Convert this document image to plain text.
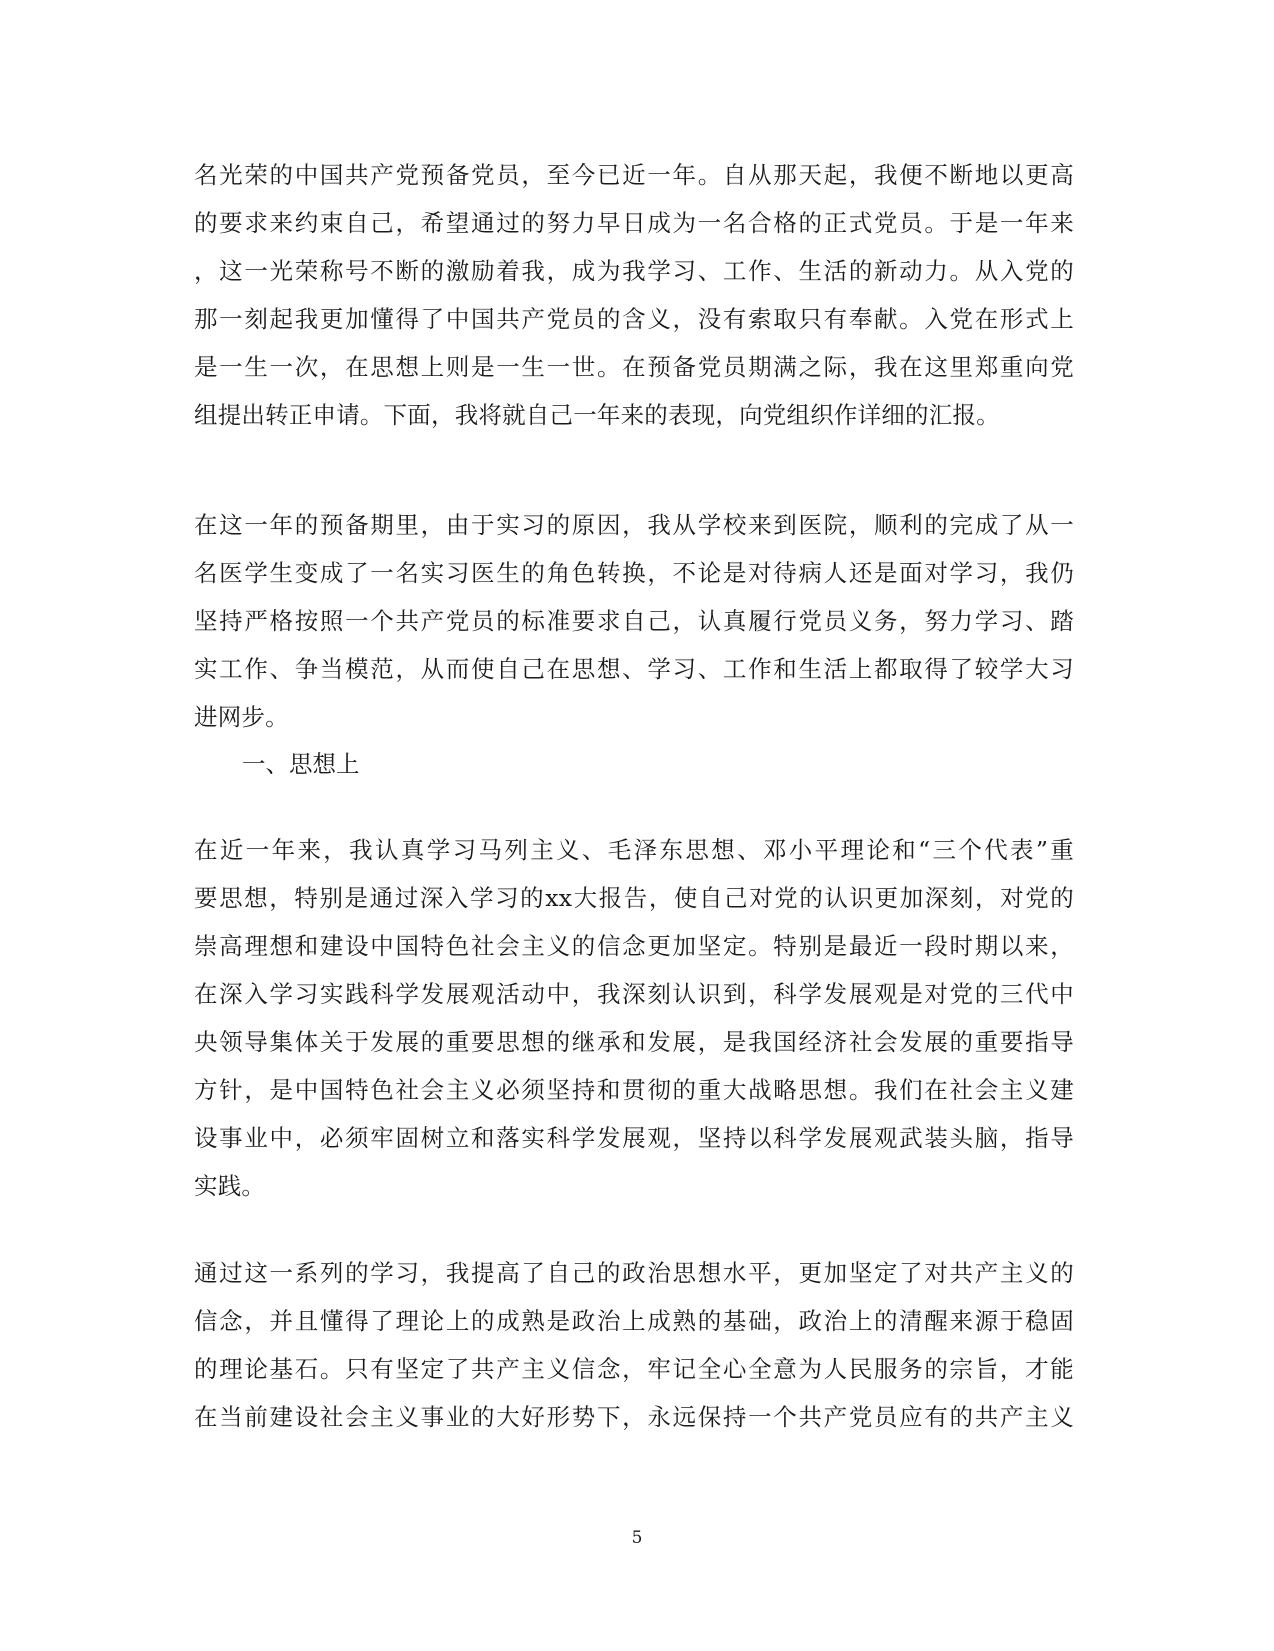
名光荣的中国共产党预备党员，至今已近一年。自从那天起，我便不断地以更高
的要求来约束自己，希望通过的努力早日成为一名合格的正式党员。于是一年来
，这一光荣称号不断的激励着我，成为我学习、工作、生活的新动力。从入党的
那一刻起我更加懂得了中国共产党员的含义，没有索取只有奉献。入党在形式上
是一生一次，在思想上则是一生一世。在预备党员期满之际，我在这里郑重向党
组提出转正申请。下面，我将就自己一年来的表现，向党组织作详细的汇报。
在这一年的预备期里，由于实习的原因，我从学校来到医院，顺利的完成了从一
名医学生变成了一名实习医生的角色转换，不论是对待病人还是面对学习，我仍
坚持严格按照一个共产党员的标准要求自己，认真履行党员义务，努力学习、踏
实工作、争当模范，从而使自己在思想、学习、工作和生活上都取得了较学大习
进网步。
一、思想上
在近一年来，我认真学习马列主义、毛泽东思想、邓小平理论和“三个代表”重
要思想，特别是通过深入学习的xx大报告，使自己对党的认识更加深刻，对党的
崇高理想和建设中国特色社会主义的信念更加坚定。特别是最近一段时期以来，
在深入学习实践科学发展观活动中，我深刻认识到，科学发展观是对党的三代中
央领导集体关于发展的重要思想的继承和发展，是我国经济社会发展的重要指导
方针，是中国特色社会主义必须坚持和贯彻的重大战略思想。我们在社会主义建
设事业中，必须牢固树立和落实科学发展观，坚持以科学发展观武装头脑，指导
实践。
通过这一系列的学习，我提高了自己的政治思想水平，更加坚定了对共产主义的
信念，并且懂得了理论上的成熟是政治上成熟的基础，政治上的清醒来源于稳固
的理论基石。只有坚定了共产主义信念，牢记全心全意为人民服务的宗旨，才能
在当前建设社会主义事业的大好形势下，永远保持一个共产党员应有的共产主义
5
